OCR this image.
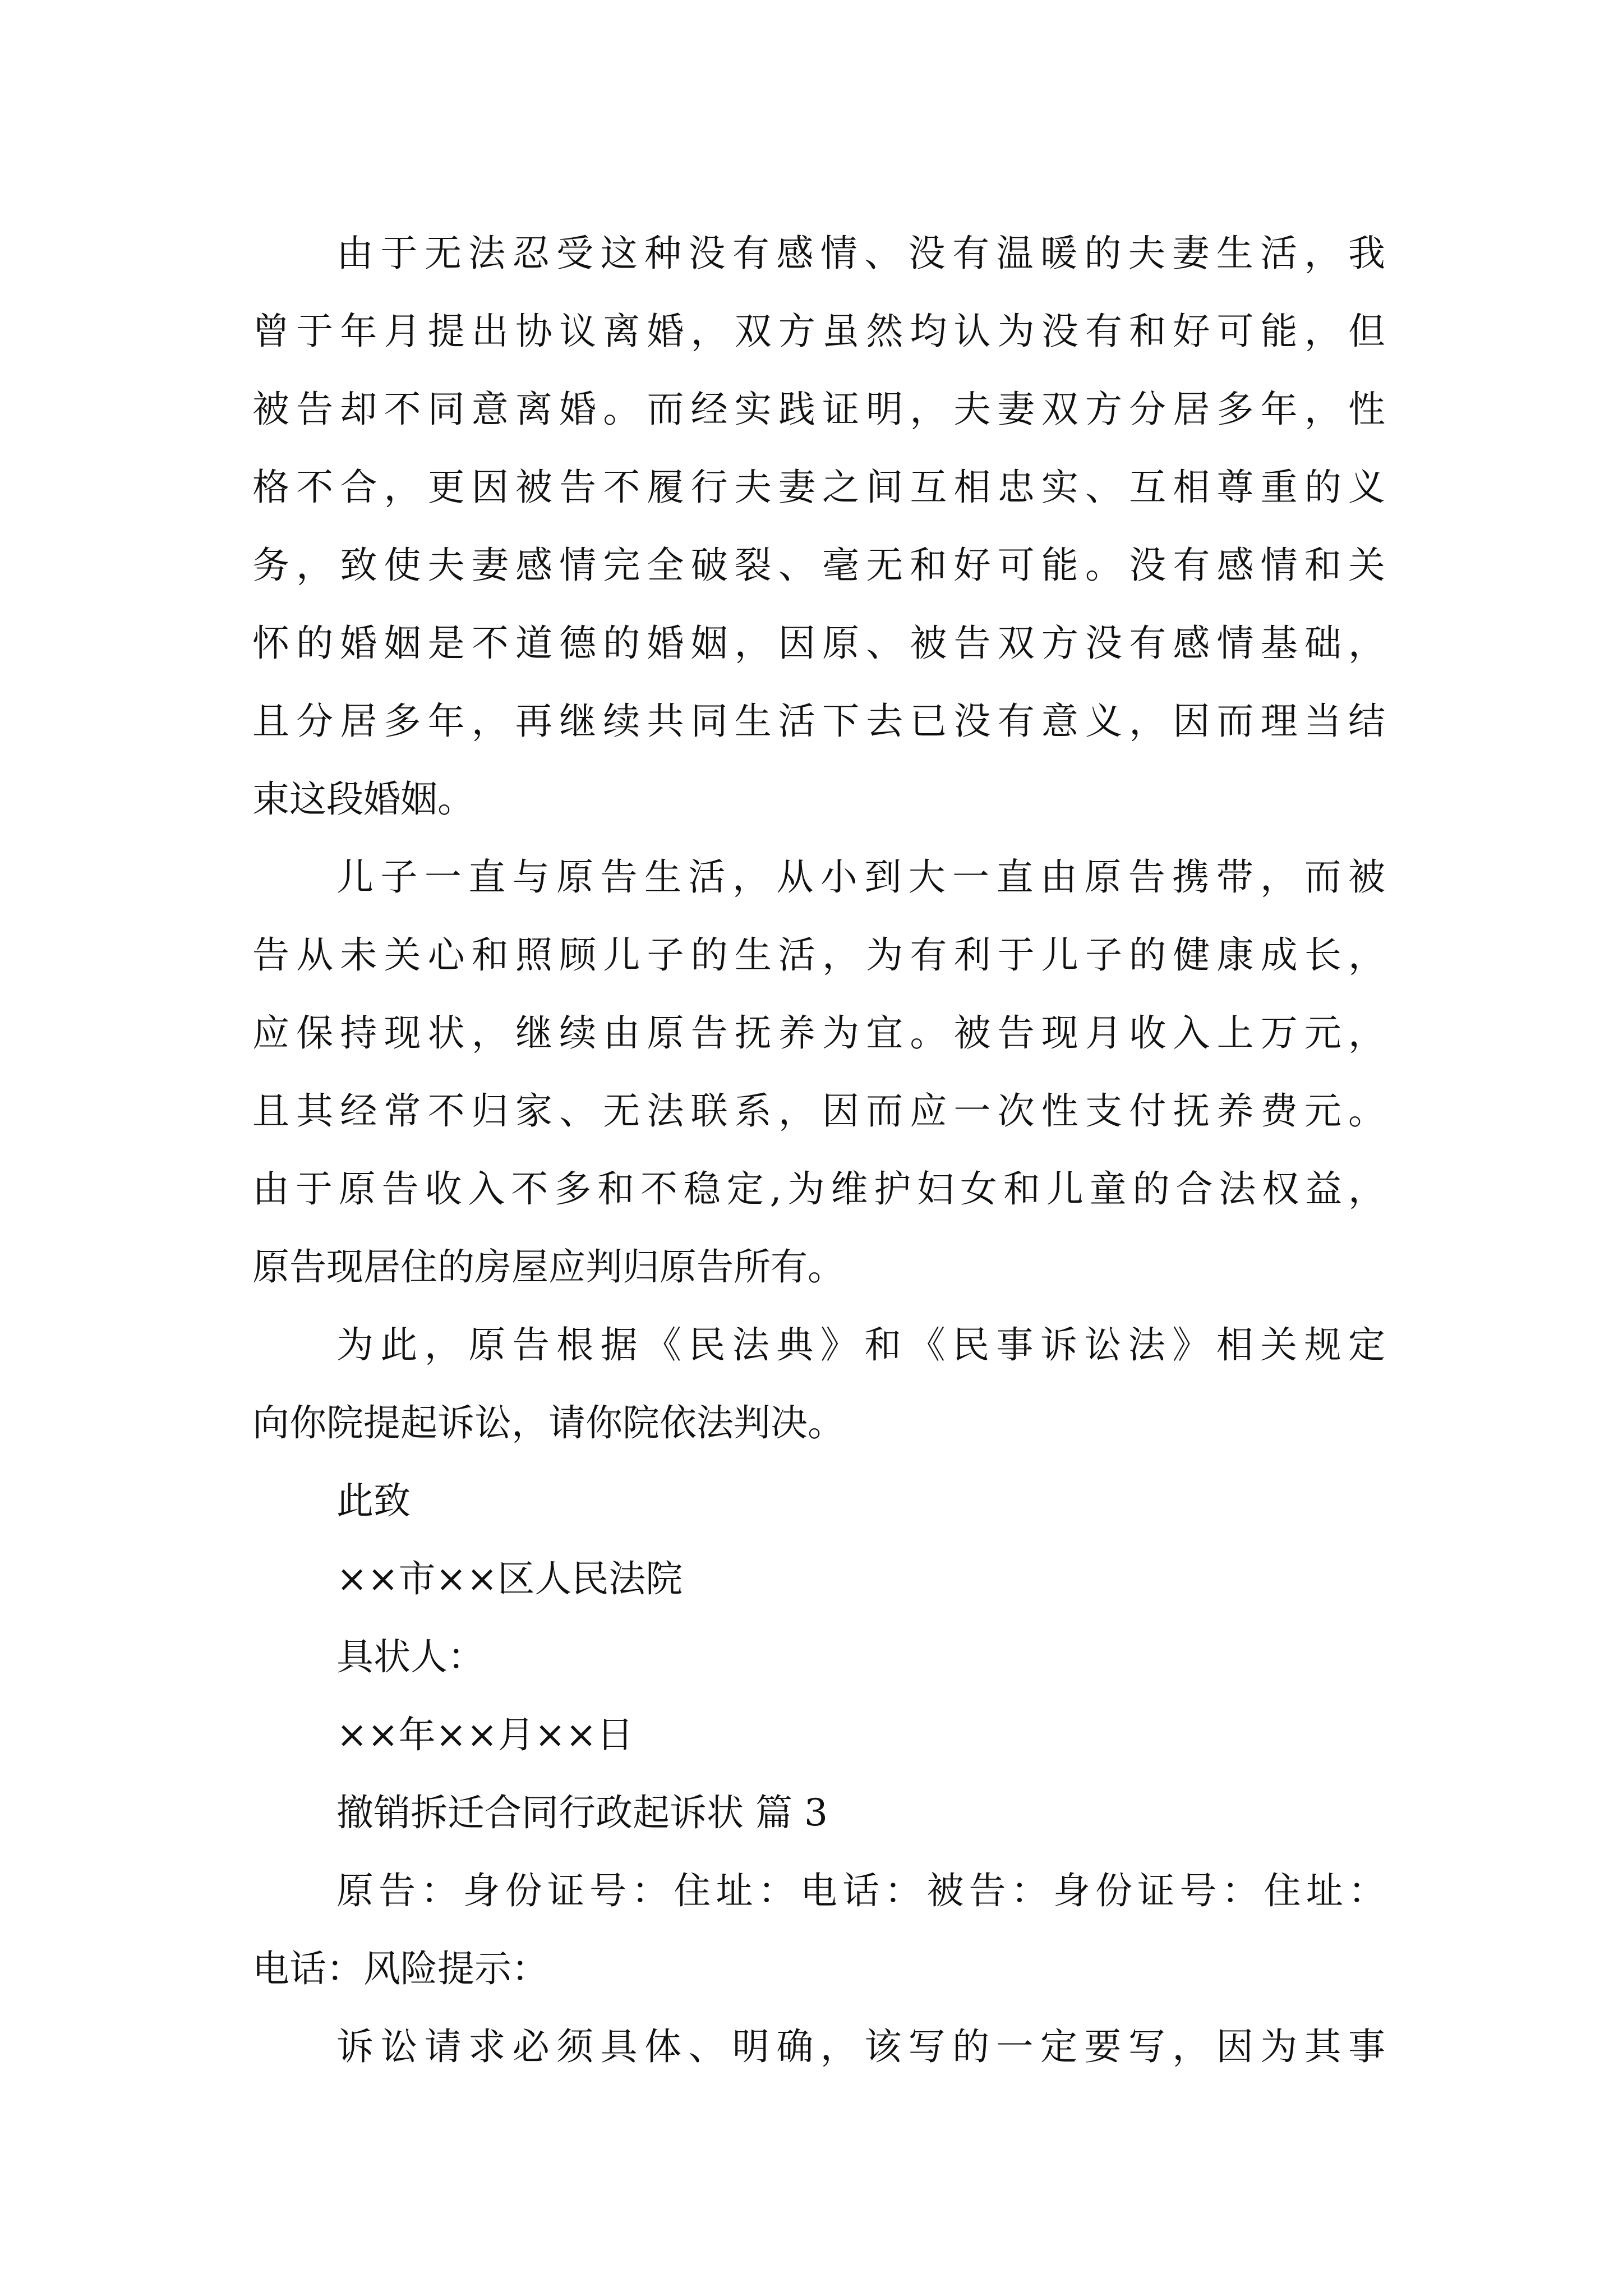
由于无法忍受这种没有感情、没有温暖的夫妻生活，我
曾于年月提出协议离婚，双方虽然均认为没有和好可能，但
被告却不同意离婚。而经实践证明，夫妻双方分居多年，性
格不合，更因被告不履行夫妻之间互相忠实、互相尊重的义
务，致使夫妻感情完全破裂、毫无和好可能。没有感情和关
怀的婚姻是不道德的婚姻，因原、被告双方没有感情基础，
且分居多年，再继续共同生活下去已没有意义，因而理当结
束这段婚姻。
儿子一直与原告生活，从小到大一直由原告携带，而被
告从未关心和照顾儿子的生活，为有利于儿子的健康成长，
应保持现状，继续由原告抚养为宜。被告现月收入上万元，
且其经常不归家、无法联系，因而应一次性支付抚养费元。
由于原告收入不多和不稳定,为维护妇女和儿童的合法权益，
原告现居住的房屋应判归原告所有。
为此，原告根据《民法典》和《民事诉讼法》相关规定
向你院提起诉讼，请你院依法判决。
此致
××市××区人民法院
具状人：
××年××月××日
撤销拆迁合同行政起诉状 篇 3
原告：身份证号：住址：电话：被告：身份证号：住址：
电话：风险提示：
诉讼请求必须具体、明确，该写的一定要写，因为其事
